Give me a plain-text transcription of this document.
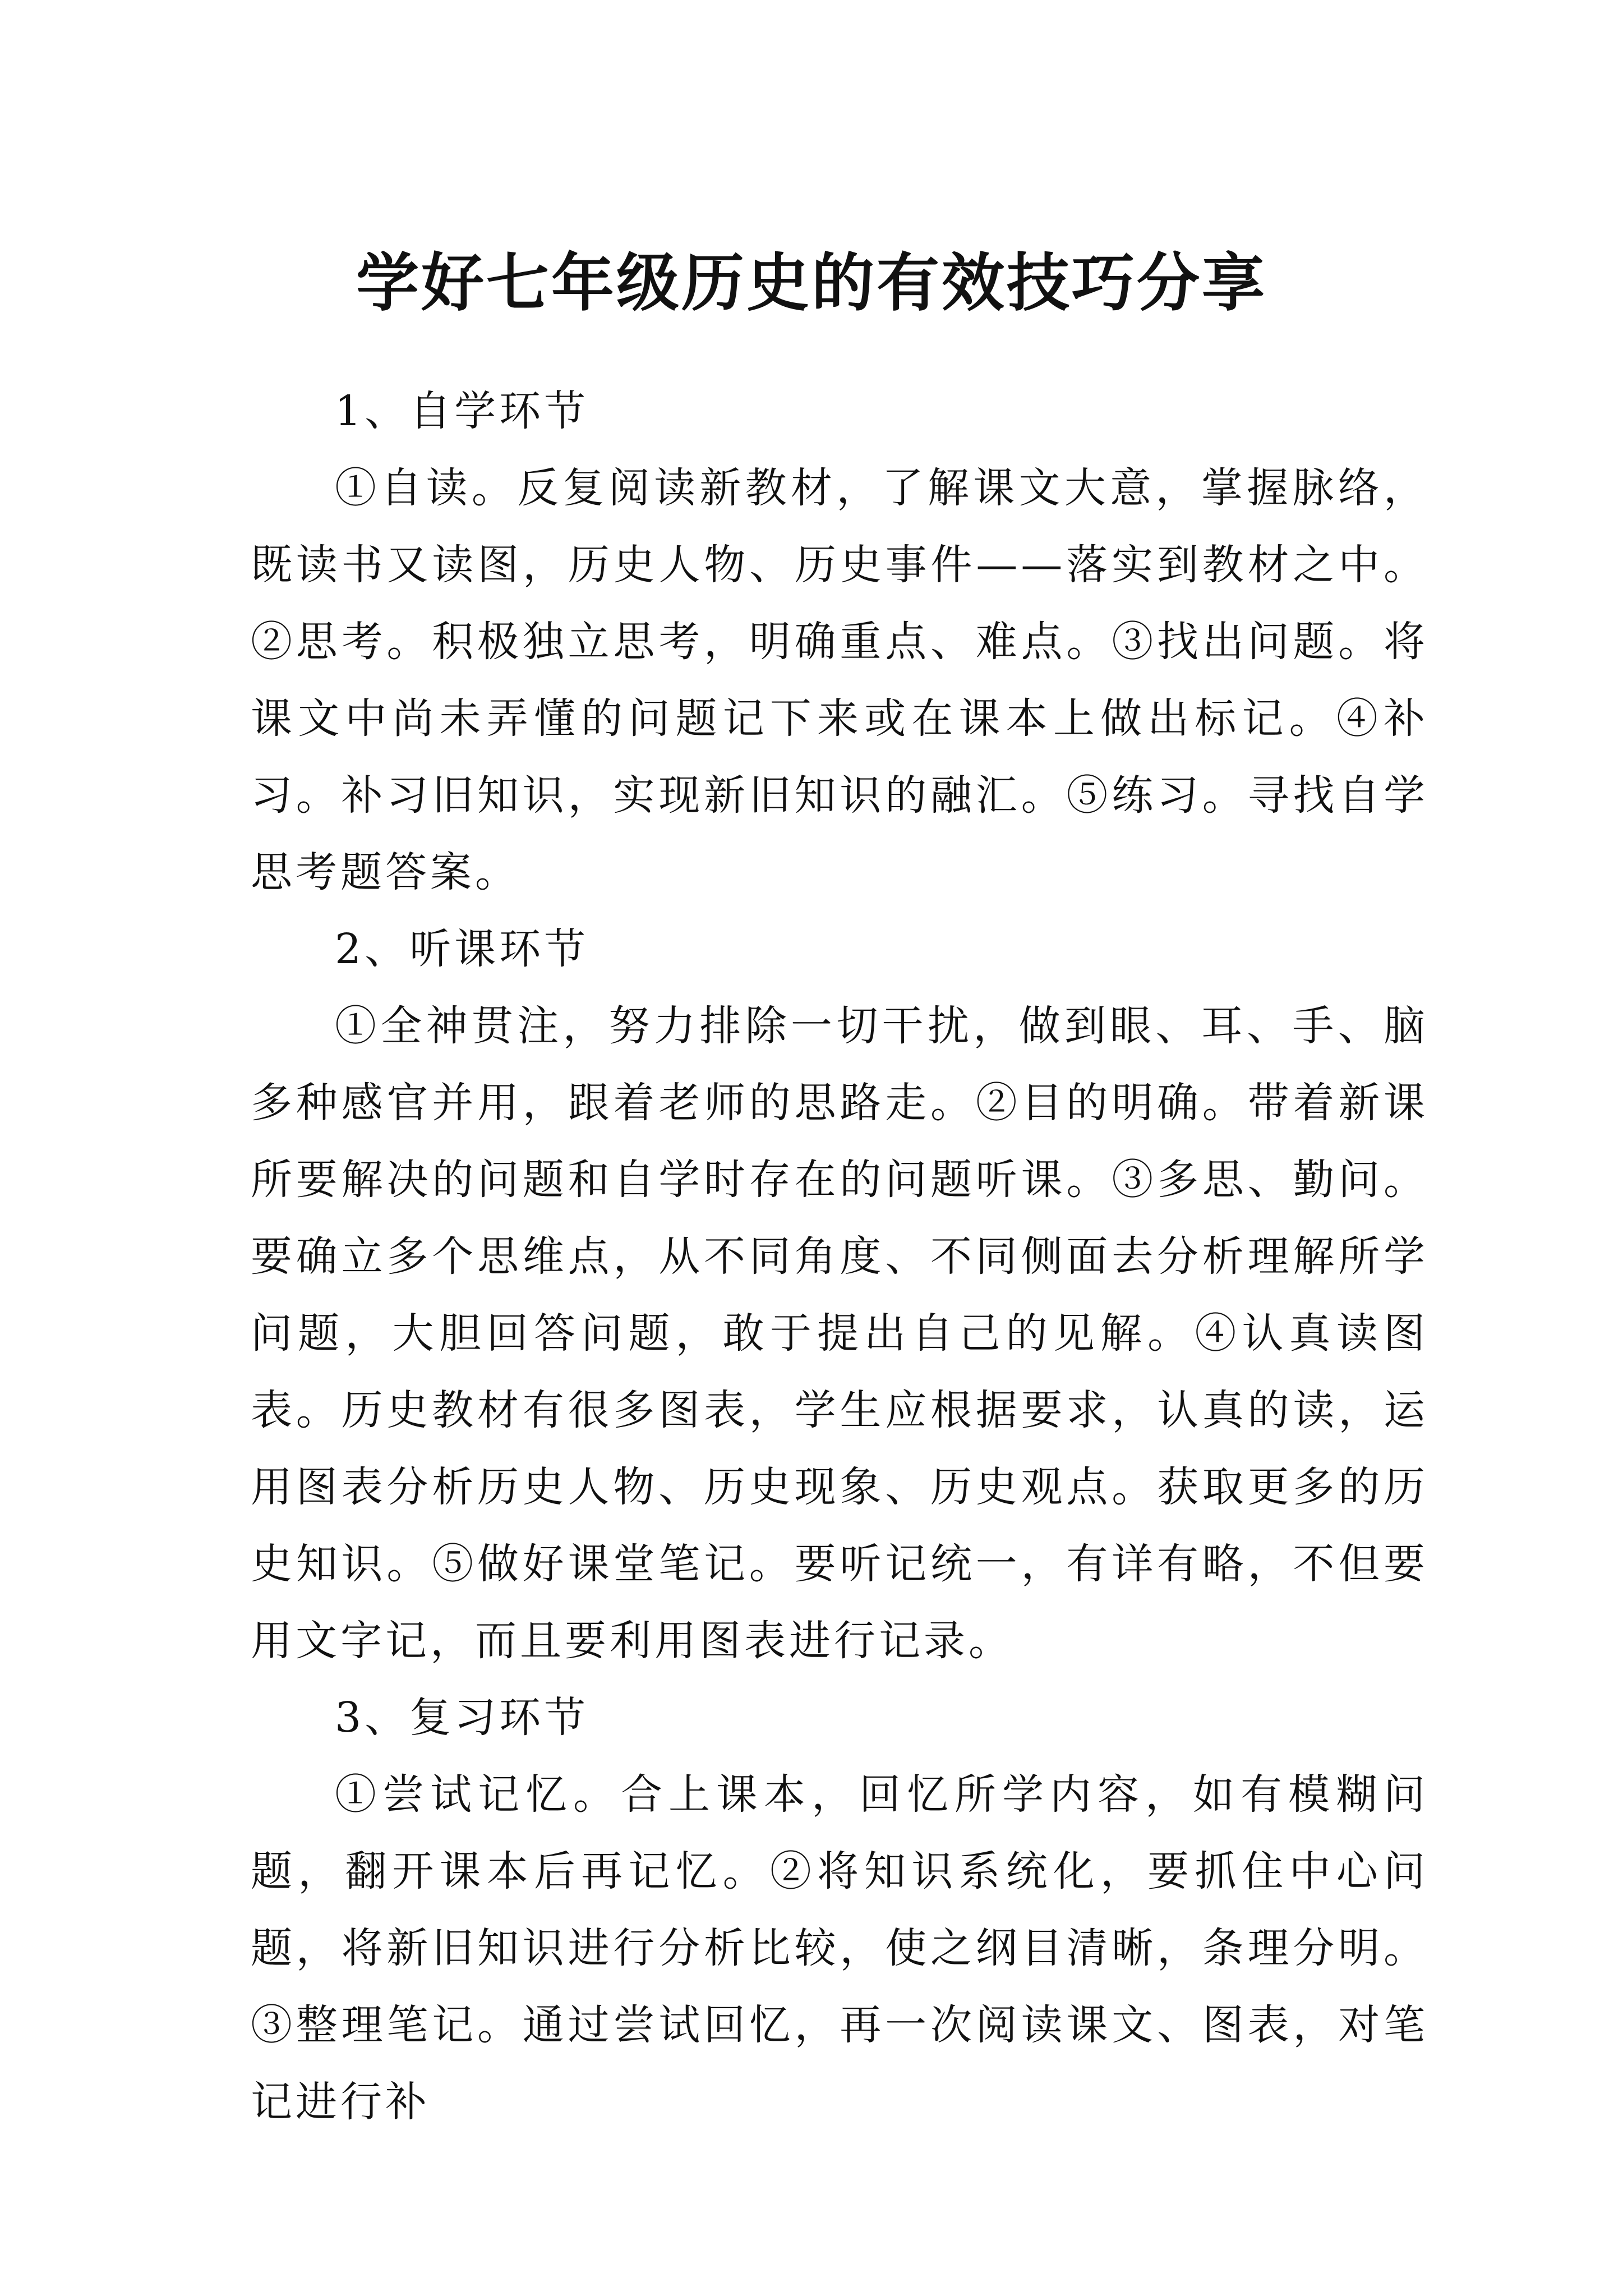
学好七年级历史的有效技巧分享

1、自学环节

①自读。反复阅读新教材，了解课文大意，掌握脉络，既读书又读图，历史人物、历史事件——落实到教材之中。②思考。积极独立思考，明确重点、难点。③找出问题。将课文中尚未弄懂的问题记下来或在课本上做出标记。④补习。补习旧知识，实现新旧知识的融汇。⑤练习。寻找自学思考题答案。

2、听课环节

①全神贯注，努力排除一切干扰，做到眼、耳、手、脑多种感官并用，跟着老师的思路走。②目的明确。带着新课所要解决的问题和自学时存在的问题听课。③多思、勤问。要确立多个思维点，从不同角度、不同侧面去分析理解所学问题，大胆回答问题，敢于提出自己的见解。④认真读图表。历史教材有很多图表，学生应根据要求，认真的读，运用图表分析历史人物、历史现象、历史观点。获取更多的历史知识。⑤做好课堂笔记。要听记统一，有详有略，不但要用文字记，而且要利用图表进行记录。

3、复习环节

①尝试记忆。合上课本，回忆所学内容，如有模糊问题，翻开课本后再记忆。②将知识系统化，要抓住中心问题，将新旧知识进行分析比较，使之纲目清晰，条理分明。③整理笔记。通过尝试回忆，再一次阅读课文、图表，对笔记进行补
